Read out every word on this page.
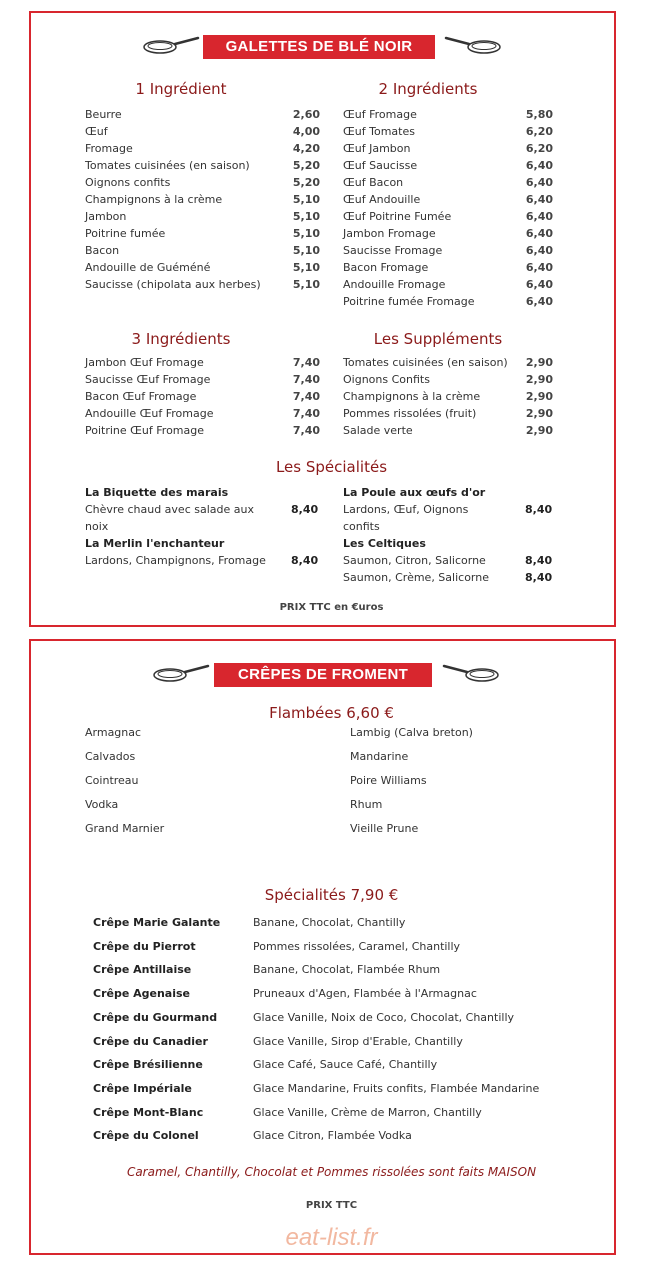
GALETTES DE BLÉ NOIR
1 Ingrédient	2 Ingrédients
Beurre	2,60
Œuf	4,00
Fromage	4,20
Tomates cuisinées (en saison)	5,20
Oignons confits	5,20
Champignons à la crème	5,10
Jambon	5,10
Poitrine fumée	5,10
Bacon	5,10
Andouille de Guéméné	5,10
Saucisse (chipolata aux herbes)	5,10
Œuf Fromage	5,80
Œuf Tomates	6,20
Œuf Jambon	6,20
Œuf Saucisse	6,40
Œuf Bacon	6,40
Œuf Andouille	6,40
Œuf Poitrine Fumée	6,40
Jambon Fromage	6,40
Saucisse Fromage	6,40
Bacon Fromage	6,40
Andouille Fromage	6,40
Poitrine fumée Fromage	6,40
3 Ingrédients	Les Suppléments
Jambon Œuf Fromage	7,40
Saucisse Œuf Fromage	7,40
Bacon Œuf Fromage	7,40
Andouille Œuf Fromage	7,40
Poitrine Œuf Fromage	7,40
Tomates cuisinées (en saison) 2,90
Oignons Confits	2,90
Champignons à la crème	2,90
Pommes rissolées (fruit)	2,90
Salade verte	2,90
Les Spécialités
La Biquette des marais
Chèvre chaud avec salade aux	8,40
noix
La Merlin l'enchanteur
Lardons, Champignons, Fromage 8,40
La Poule aux œufs d'or
Lardons, Œuf, Oignons	8,40
confits
Les Celtiques
Saumon, Citron, Salicorne	8,40
Saumon, Crème, Salicorne	8,40
PRIX TTC en €uros
CRÊPES DE FROMENT
Flambées 6,60 €
Armagnac
Calvados
Cointreau
Vodka
Grand Marnier
Lambig (Calva breton)
Mandarine
Poire Williams
Rhum
Vieille Prune
Spécialités 7,90 €
Crêpe Marie Galante	Banane, Chocolat, Chantilly
Crêpe du Pierrot	Pommes rissolées, Caramel, Chantilly
Crêpe Antillaise	Banane, Chocolat, Flambée Rhum
Crêpe Agenaise	Pruneaux d'Agen, Flambée à l'Armagnac
Crêpe du Gourmand	Glace Vanille, Noix de Coco, Chocolat, Chantilly
Crêpe du Canadier	Glace Vanille, Sirop d'Erable, Chantilly
Crêpe Brésilienne	Glace Café, Sauce Café, Chantilly
Crêpe Impériale	Glace Mandarine, Fruits confits, Flambée Mandarine
Crêpe Mont-Blanc	Glace Vanille, Crème de Marron, Chantilly
Crêpe du Colonel	Glace Citron, Flambée Vodka
Caramel, Chantilly, Chocolat et Pommes rissolées sont faits MAISON
PRIX TTC
eat-list.fr
